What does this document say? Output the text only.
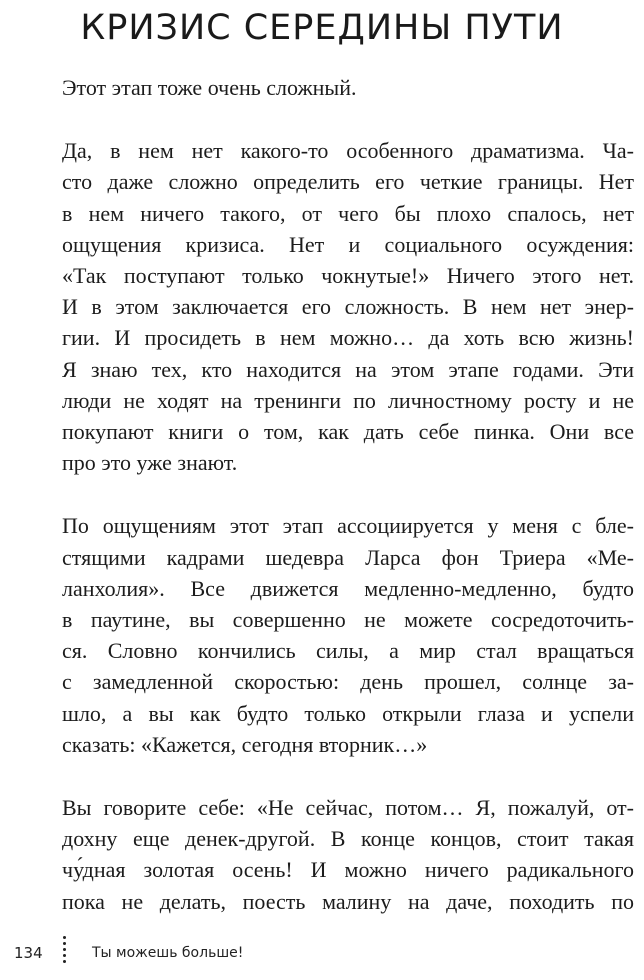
КРИЗИС СЕРЕДИНЫ ПУТИ

Этот этап тоже очень сложный.

Да, в нем нет какого-то особенного драматизма. Ча-
сто даже сложно определить его четкие границы. Нет
в нем ничего такого, от чего бы плохо спалось, нет
ощущения кризиса. Нет и социального осуждения:
«Так поступают только чокнутые!» Ничего этого нет.
И в этом заключается его сложность. В нем нет энер-
гии. И просидеть в нем можно… да хоть всю жизнь!
Я знаю тех, кто находится на этом этапе годами. Эти
люди не ходят на тренинги по личностному росту и не
покупают книги о том, как дать себе пинка. Они все
про это уже знают.

По ощущениям этот этап ассоциируется у меня с бле-
стящими кадрами шедевра Ларса фон Триера «Ме-
ланхолия». Все движется медленно-медленно, будто
в паутине, вы совершенно не можете сосредоточить-
ся. Словно кончились силы, а мир стал вращаться
с замедленной скоростью: день прошел, солнце за-
шло, а вы как будто только открыли глаза и успели
сказать: «Кажется, сегодня вторник…»

Вы говорите себе: «Не сейчас, потом… Я, пожалуй, от-
дохну еще денек-другой. В конце концов, стоит такая
чу́дная золотая осень! И можно ничего радикального
пока не делать, поесть малину на даче, походить по

134	Ты можешь больше!
